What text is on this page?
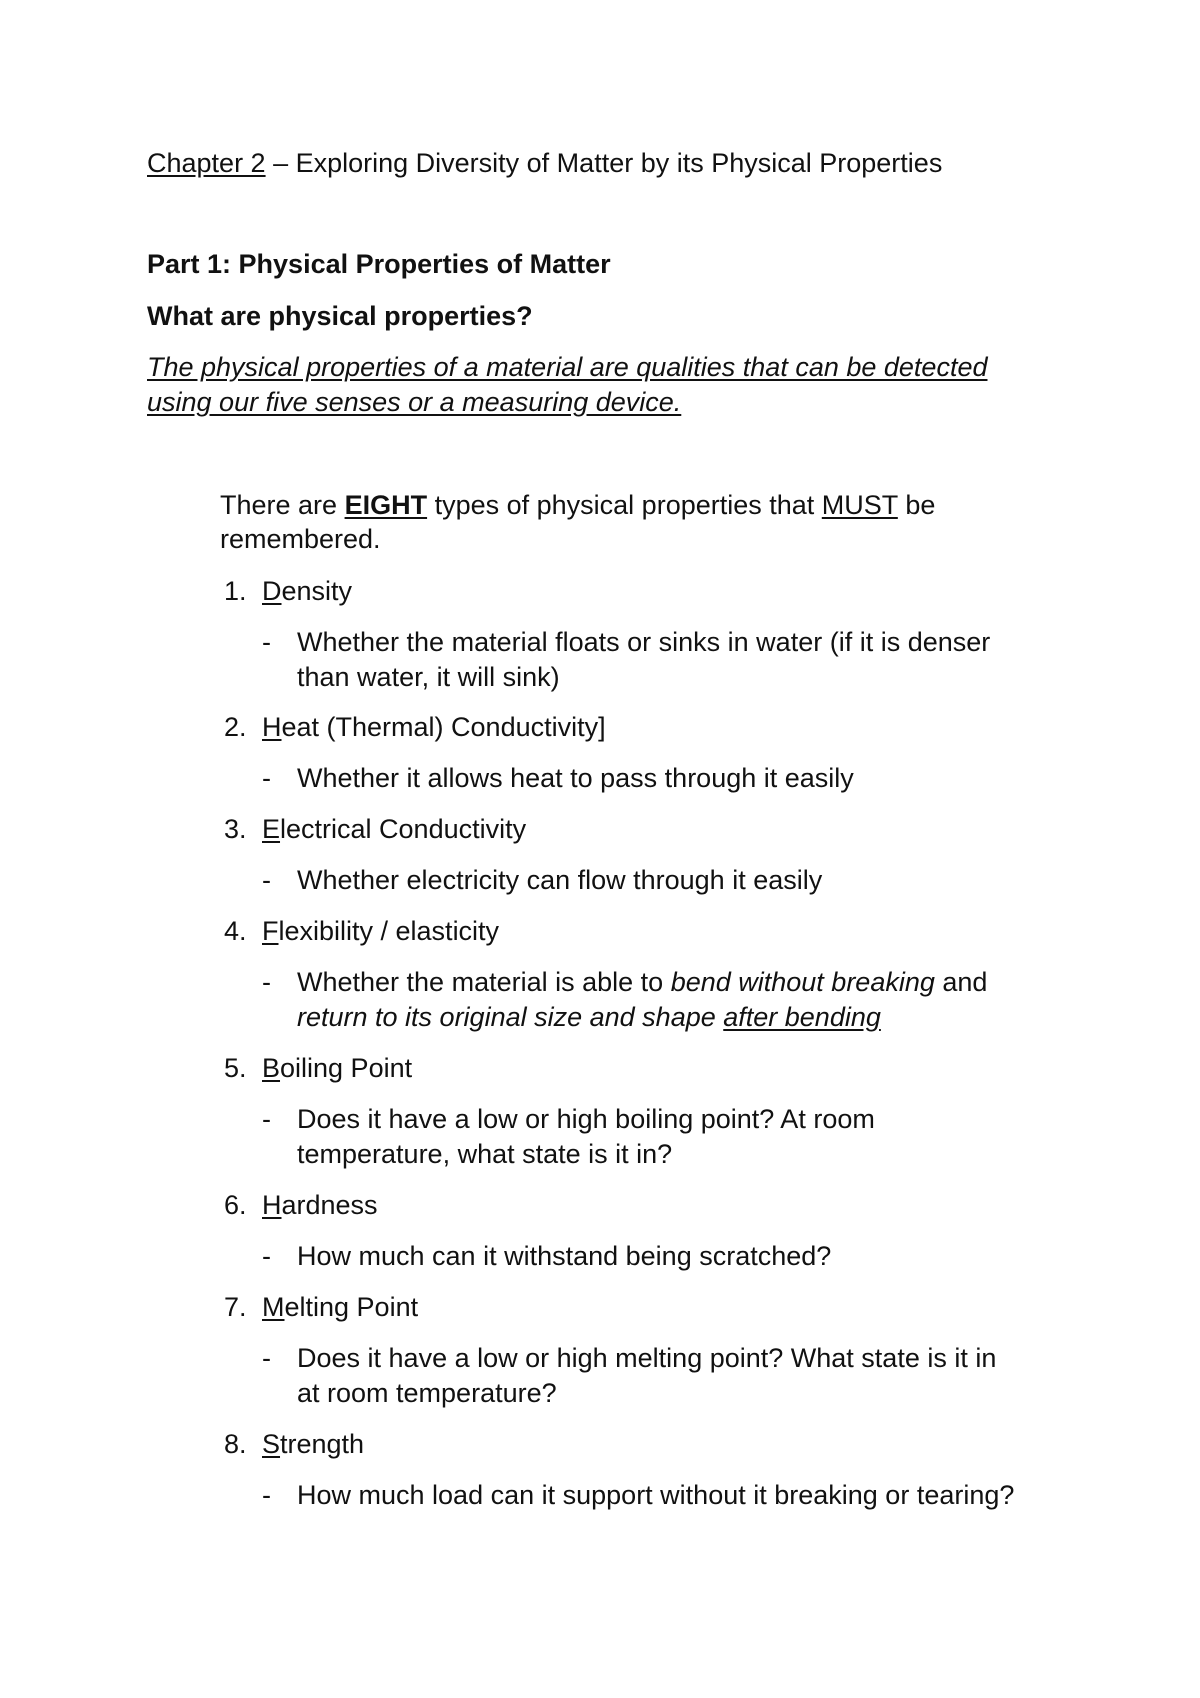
Chapter 2 – Exploring Diversity of Matter by its Physical Properties
Part 1: Physical Properties of Matter
What are physical properties?
The physical properties of a material are qualities that can be detected
using our five senses or a measuring device.
There are EIGHT types of physical properties that MUST be
remembered.
1. Density
- Whether the material floats or sinks in water (if it is denser
than water, it will sink)
2. Heat (Thermal) Conductivity]
- Whether it allows heat to pass through it easily
3. Electrical Conductivity
- Whether electricity can flow through it easily
4. Flexibility / elasticity
- Whether the material is able to bend without breaking and
return to its original size and shape after bending
5. Boiling Point
- Does it have a low or high boiling point? At room
temperature, what state is it in?
6. Hardness
- How much can it withstand being scratched?
7. Melting Point
- Does it have a low or high melting point? What state is it in
at room temperature?
8. Strength
- How much load can it support without it breaking or tearing?
